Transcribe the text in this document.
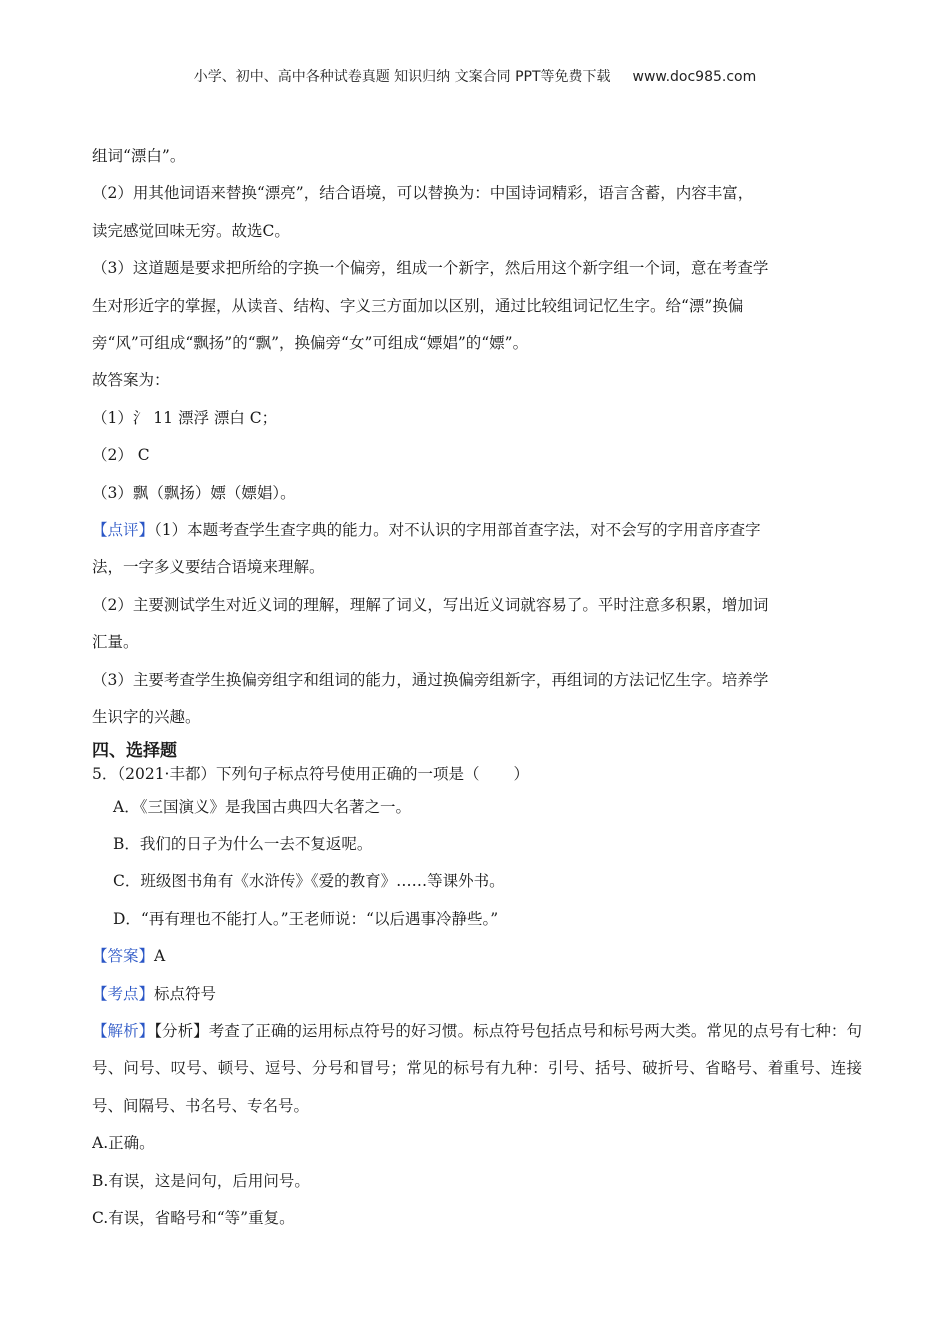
小学、初中、高中各种试卷真题 知识归纳 文案合同 PPT等免费下载 www.doc985.com

组词“漂白”。

（2）用其他词语来替换“漂亮”，结合语境，可以替换为：中国诗词精彩，语言含蓄，内容丰富，

读完感觉回味无穷。故选C。

（3）这道题是要求把所给的字换一个偏旁，组成一个新字，然后用这个新字组一个词，意在考查学

生对形近字的掌握，从读音、结构、字义三方面加以区别，通过比较组词记忆生字。给“漂”换偏

旁“风”可组成“飘扬”的“飘”，换偏旁“女”可组成“嫖娼”的“嫖”。

故答案为：

（1）氵 11 漂浮 漂白 C；

（2） C

（3）飘（飘扬）嫖（嫖娼）。

【点评】（1）本题考查学生查字典的能力。对不认识的字用部首查字法，对不会写的字用音序查字

法，一字多义要结合语境来理解。

（2）主要测试学生对近义词的理解，理解了词义，写出近义词就容易了。平时注意多积累，增加词

汇量。

（3）主要考查学生换偏旁组字和组词的能力，通过换偏旁组新字，再组词的方法记忆生字。培养学

生识字的兴趣。

四、选择题
5．（2021·丰都）下列句子标点符号使用正确的一项是（ ）

A．《三国演义》是我国古典四大名著之一。

B．我们的日子为什么一去不复返呢。

C．班级图书角有《水浒传》《爱的教育》……等课外书。

D．“再有理也不能打人。”王老师说：“以后遇事冷静些。”

【答案】A

【考点】标点符号

【解析】【分析】考查了正确的运用标点符号的好习惯。标点符号包括点号和标号两大类。常见的点号有七种：句号、问号、叹号、顿号、逗号、分号和冒号；常见的标号有九种：引号、括号、破折号、省略号、着重号、连接号、间隔号、书名号、专名号。

A.正确。

B.有误，这是问句，后用问号。

C.有误，省略号和“等”重复。
